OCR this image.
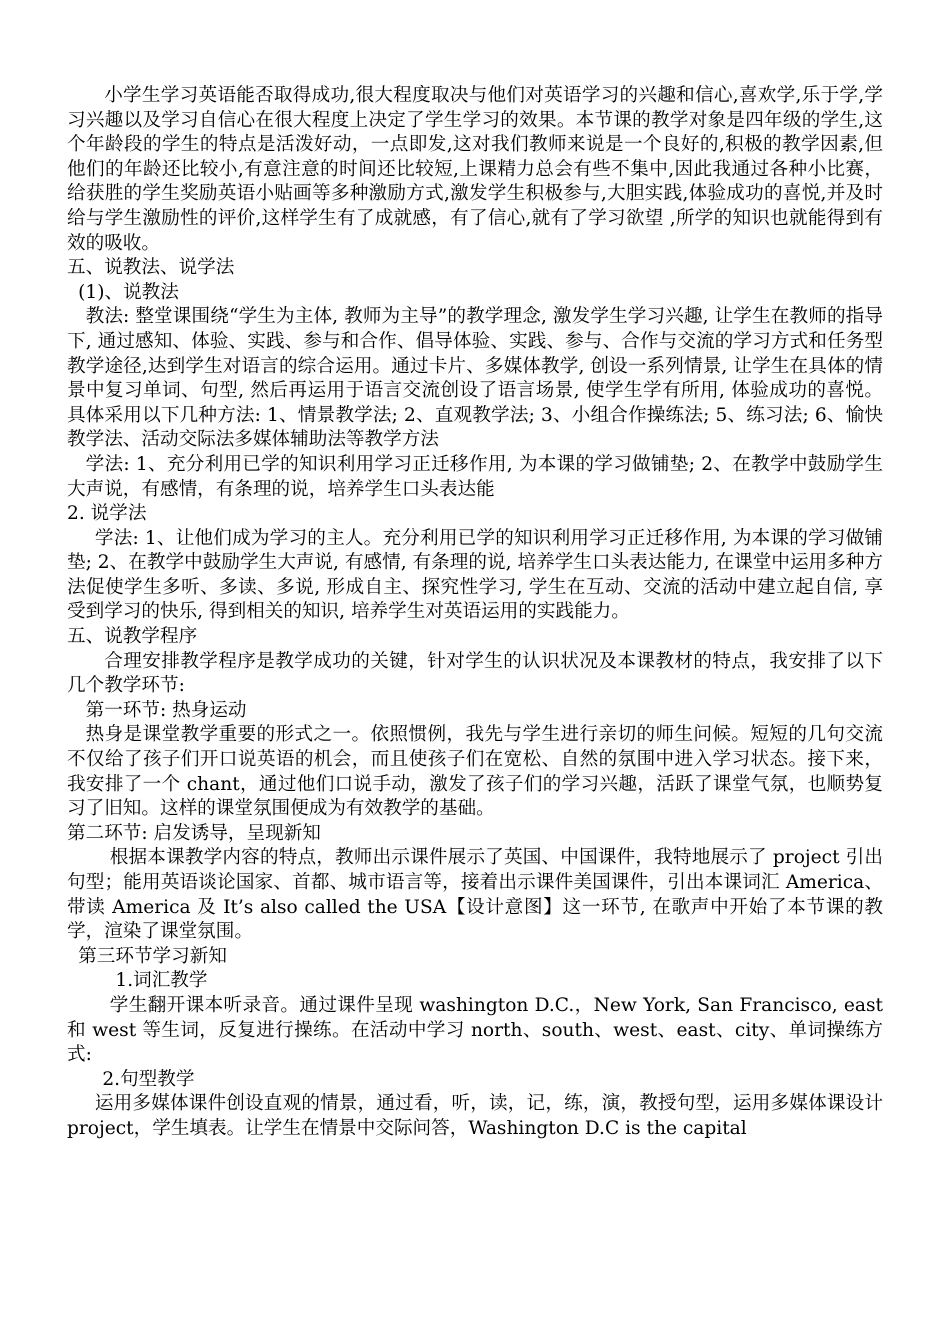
小学生学习英语能否取得成功,很大程度取决与他们对英语学习的兴趣和信心,喜欢学,乐于学,学习兴趣以及学习自信心在很大程度上决定了学生学习的效果。本节课的教学对象是四年级的学生,这个年龄段的学生的特点是活泼好动，一点即发,这对我们教师来说是一个良好的,积极的教学因素,但他们的年龄还比较小,有意注意的时间还比较短,上课精力总会有些不集中,因此我通过各种小比赛，给获胜的学生奖励英语小贴画等多种激励方式,激发学生积极参与,大胆实践,体验成功的喜悦,并及时给与学生激励性的评价,这样学生有了成就感，有了信心,就有了学习欲望 ,所学的知识也就能得到有效的吸收。

五、说教法、说学法

(1)、说教法

教法: 整堂课围绕“学生为主体, 教师为主导”的教学理念, 激发学生学习兴趣, 让学生在教师的指导下, 通过感知、体验、实践、参与和合作、倡导体验、实践、参与、合作与交流的学习方式和任务型教学途径,达到学生对语言的综合运用。通过卡片、多媒体教学, 创设一系列情景, 让学生在具体的情景中复习单词、句型, 然后再运用于语言交流创设了语言场景, 使学生学有所用, 体验成功的喜悦。具体采用以下几种方法: 1、情景教学法; 2、直观教学法; 3、小组合作操练法; 5、练习法; 6、愉快教学法、活动交际法多媒体辅助法等教学方法

学法: 1、充分利用已学的知识利用学习正迁移作用, 为本课的学习做铺垫; 2、在教学中鼓励学生大声说，有感情，有条理的说，培养学生口头表达能

2. 说学法

学法: 1、让他们成为学习的主人。充分利用已学的知识利用学习正迁移作用, 为本课的学习做铺垫; 2、在教学中鼓励学生大声说, 有感情, 有条理的说, 培养学生口头表达能力, 在课堂中运用多种方法促使学生多听、多读、多说, 形成自主、探究性学习, 学生在互动、交流的活动中建立起自信, 享受到学习的快乐, 得到相关的知识, 培养学生对英语运用的实践能力。

五、说教学程序

合理安排教学程序是教学成功的关键，针对学生的认识状况及本课教材的特点，我安排了以下几个教学环节:

第一环节: 热身运动

热身是课堂教学重要的形式之一。依照惯例，我先与学生进行亲切的师生问候。短短的几句交流不仅给了孩子们开口说英语的机会，而且使孩子们在宽松、自然的氛围中进入学习状态。接下来，我安排了一个 chant，通过他们口说手动，激发了孩子们的学习兴趣，活跃了课堂气氛，也顺势复习了旧知。这样的课堂氛围便成为有效教学的基础。

第二环节: 启发诱导，呈现新知

根据本课教学内容的特点，教师出示课件展示了英国、中国课件，我特地展示了 project 引出句型；能用英语谈论国家、首都、城市语言等，接着出示课件美国课件，引出本课词汇 America、带读 America 及 It’s also called the USA【设计意图】这一环节, 在歌声中开始了本节课的教学，渲染了课堂氛围。

第三环节学习新知

1.词汇教学

学生翻开课本听录音。通过课件呈现 washington D.C.，New York, San Francisco, east 和 west 等生词，反复进行操练。在活动中学习 north、south、west、east、city、单词操练方式:

2.句型教学

运用多媒体课件创设直观的情景，通过看，听，读，记，练，演，教授句型，运用多媒体课设计 project，学生填表。让学生在情景中交际问答，Washington D.C is the capital
